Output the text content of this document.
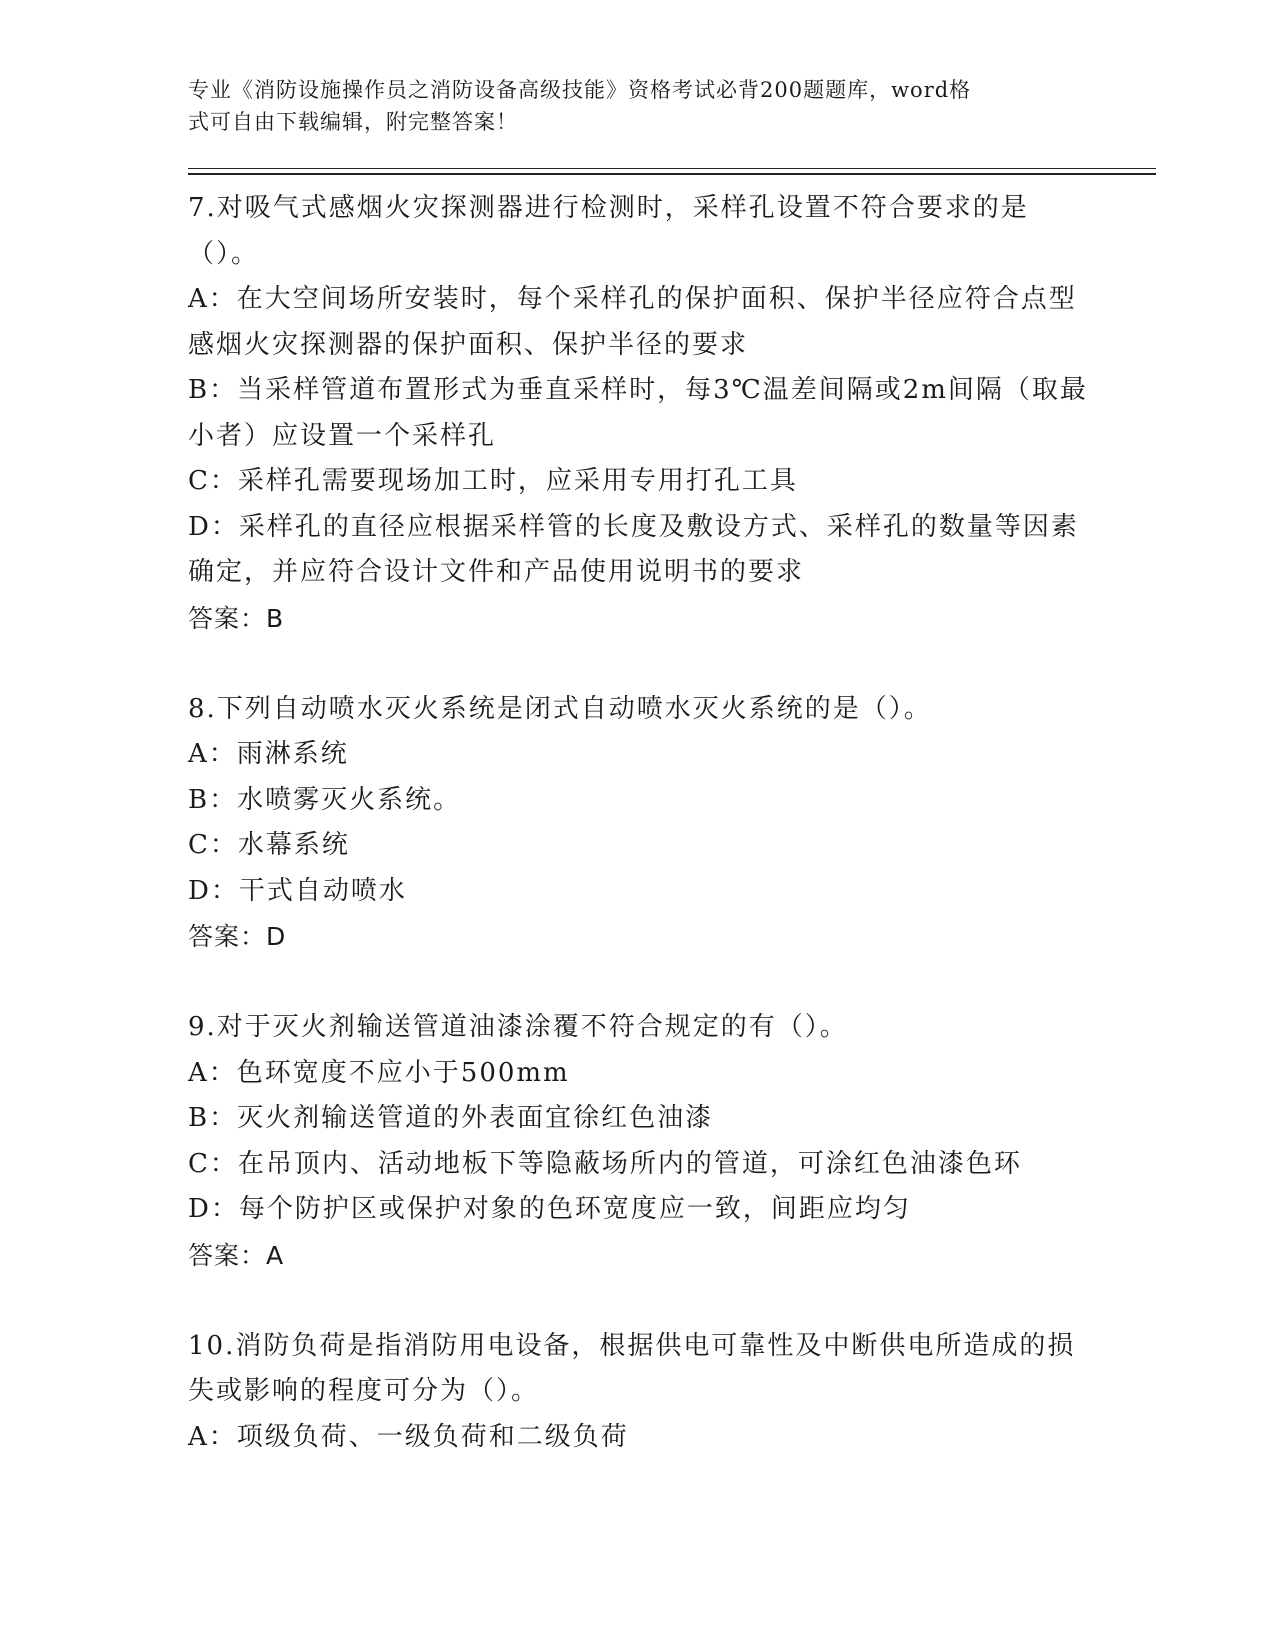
专业《消防设施操作员之消防设备高级技能》资格考试必背200题题库，word格
式可自由下载编辑，附完整答案！
7.对吸气式感烟火灾探测器进行检测时，采样孔设置不符合要求的是（）。
A：在大空间场所安装时，每个采样孔的保护面积、保护半径应符合点型感烟火灾探测器的保护面积、保护半径的要求
B：当采样管道布置形式为垂直采样时，每3℃温差间隔或2m间隔（取最小者）应设置一个采样孔
C：采样孔需要现场加工时，应采用专用打孔工具
D：采样孔的直径应根据采样管的长度及敷设方式、采样孔的数量等因素确定，并应符合设计文件和产品使用说明书的要求
答案：B
8.下列自动喷水灭火系统是闭式自动喷水灭火系统的是（）。
A：雨淋系统
B：水喷雾灭火系统。
C：水幕系统
D：干式自动喷水
答案：D
9.对于灭火剂输送管道油漆涂覆不符合规定的有（）。
A：色环宽度不应小于500mm
B：灭火剂输送管道的外表面宜徐红色油漆
C：在吊顶内、活动地板下等隐蔽场所内的管道，可涂红色油漆色环
D：每个防护区或保护对象的色环宽度应一致，间距应均匀
答案：A
10.消防负荷是指消防用电设备，根据供电可靠性及中断供电所造成的损失或影响的程度可分为（）。
A：项级负荷、一级负荷和二级负荷
